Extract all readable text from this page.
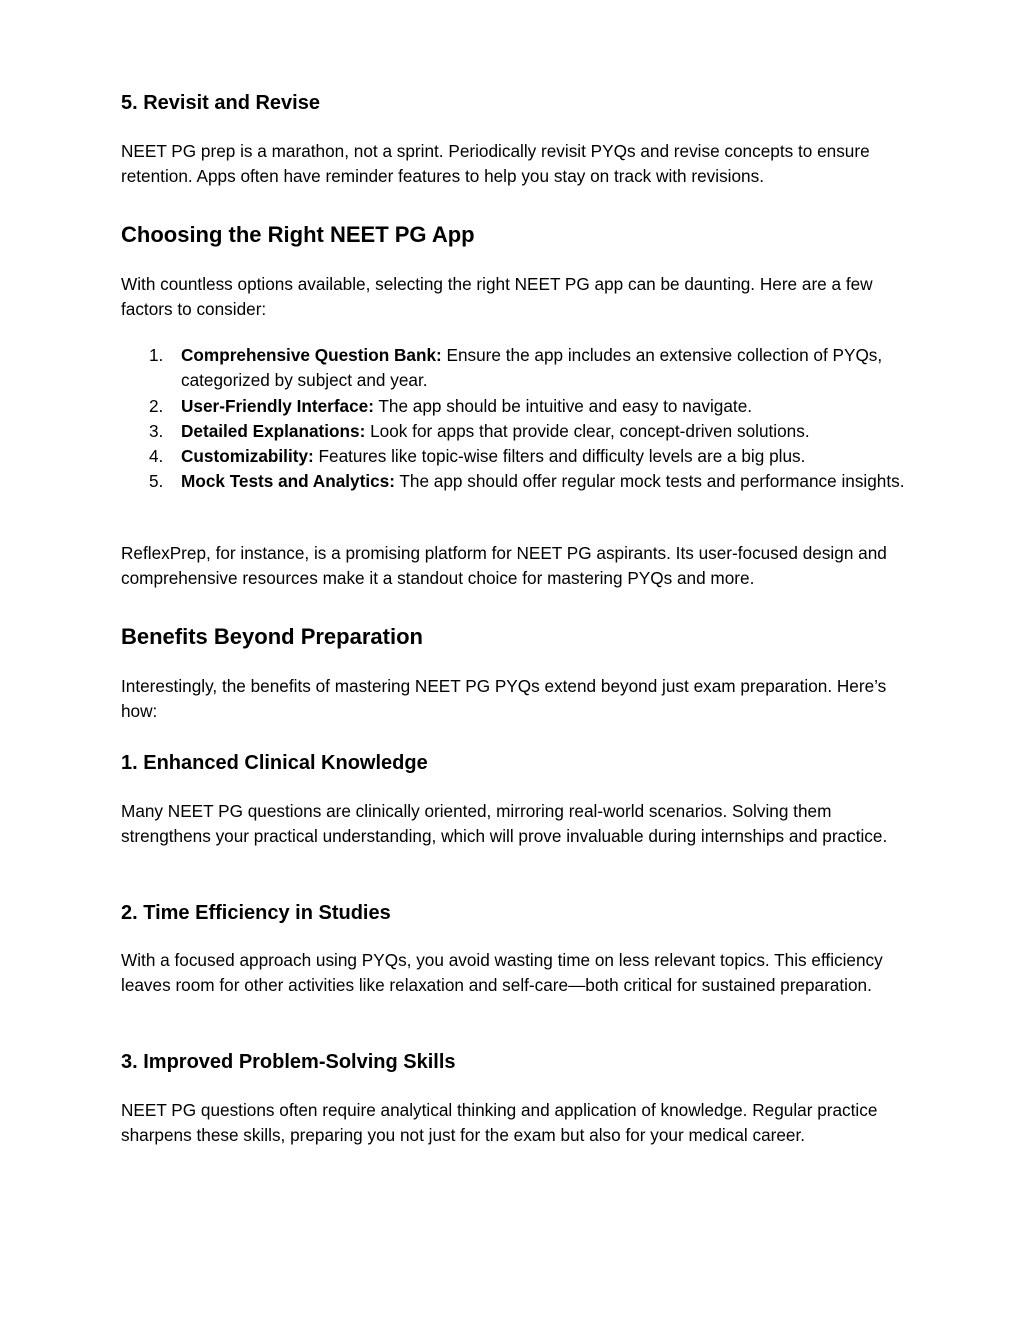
5. Revisit and Revise

NEET PG prep is a marathon, not a sprint. Periodically revisit PYQs and revise concepts to ensure retention. Apps often have reminder features to help you stay on track with revisions.

Choosing the Right NEET PG App

With countless options available, selecting the right NEET PG app can be daunting. Here are a few factors to consider:

1. Comprehensive Question Bank: Ensure the app includes an extensive collection of PYQs, categorized by subject and year.
2. User-Friendly Interface: The app should be intuitive and easy to navigate.
3. Detailed Explanations: Look for apps that provide clear, concept-driven solutions.
4. Customizability: Features like topic-wise filters and difficulty levels are a big plus.
5. Mock Tests and Analytics: The app should offer regular mock tests and performance insights.

ReflexPrep, for instance, is a promising platform for NEET PG aspirants. Its user-focused design and comprehensive resources make it a standout choice for mastering PYQs and more.

Benefits Beyond Preparation

Interestingly, the benefits of mastering NEET PG PYQs extend beyond just exam preparation. Here’s how:

1. Enhanced Clinical Knowledge

Many NEET PG questions are clinically oriented, mirroring real-world scenarios. Solving them strengthens your practical understanding, which will prove invaluable during internships and practice.

2. Time Efficiency in Studies

With a focused approach using PYQs, you avoid wasting time on less relevant topics. This efficiency leaves room for other activities like relaxation and self-care—both critical for sustained preparation.

3. Improved Problem-Solving Skills

NEET PG questions often require analytical thinking and application of knowledge. Regular practice sharpens these skills, preparing you not just for the exam but also for your medical career.
